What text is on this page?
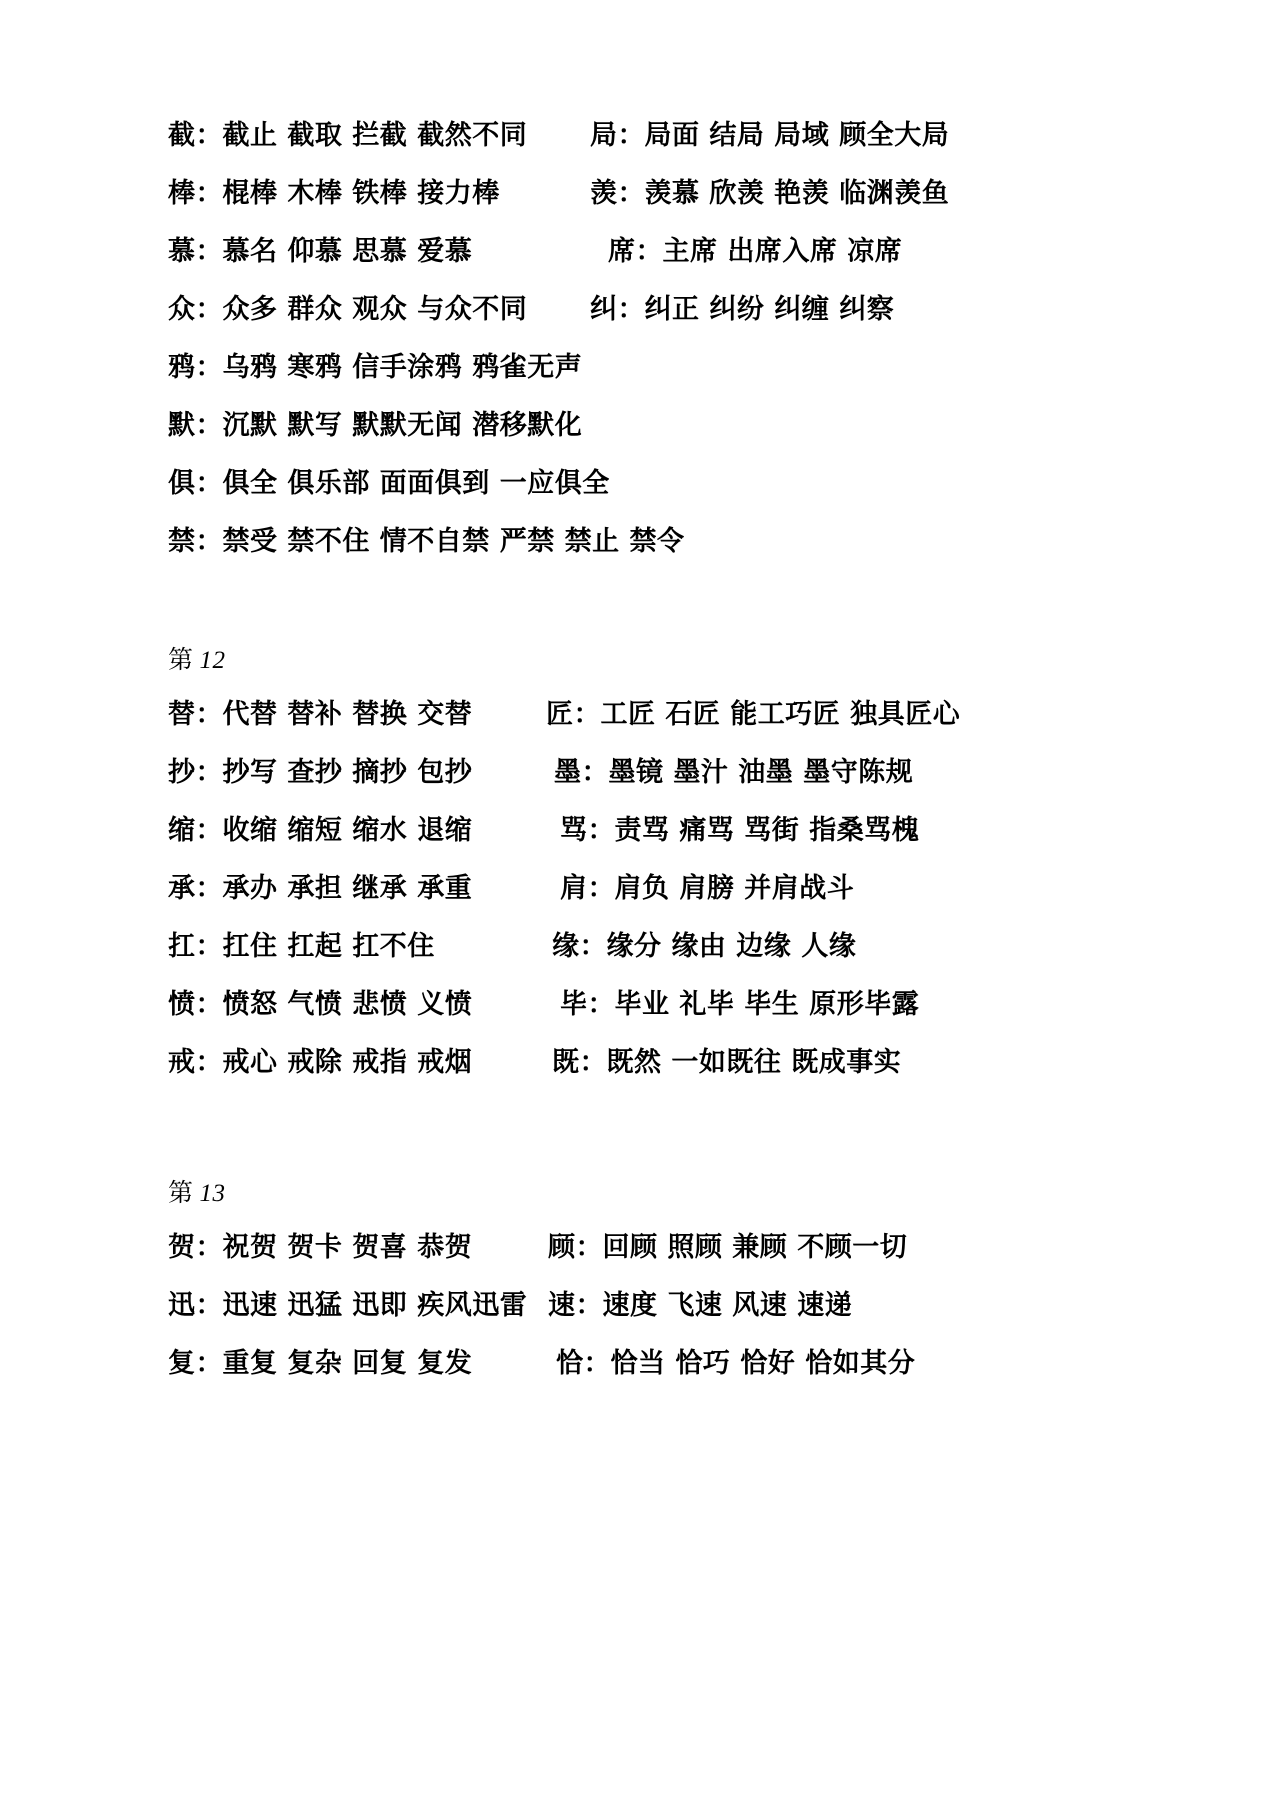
截：截止 截取 拦截 截然不同	局：局面 结局 局域 顾全大局
棒：棍棒 木棒 铁棒 接力棒	羡：羡慕 欣羡 艳羡 临渊羡鱼
慕：慕名 仰慕 思慕 爱慕	席：主席 出席入席 凉席
众：众多 群众 观众 与众不同	纠：纠正 纠纷 纠缠 纠察
鸦：乌鸦 寒鸦 信手涂鸦 鸦雀无声
默：沉默 默写 默默无闻 潜移默化
俱：俱全 俱乐部 面面俱到 一应俱全
禁：禁受 禁不住 情不自禁 严禁 禁止 禁令
第 12
替：代替 替补 替换 交替	匠：工匠 石匠 能工巧匠 独具匠心
抄：抄写 查抄 摘抄 包抄	墨：墨镜 墨汁 油墨 墨守陈规
缩：收缩 缩短 缩水 退缩	骂：责骂 痛骂 骂街 指桑骂槐
承：承办 承担 继承 承重	肩：肩负 肩膀 并肩战斗
扛：扛住 扛起 扛不住	缘：缘分 缘由 边缘 人缘
愤：愤怒 气愤 悲愤 义愤	毕：毕业 礼毕 毕生 原形毕露
戒：戒心 戒除 戒指 戒烟	既：既然 一如既往 既成事实
第 13
贺：祝贺 贺卡 贺喜 恭贺	顾：回顾 照顾 兼顾 不顾一切
迅：迅速 迅猛 迅即 疾风迅雷 速：速度 飞速 风速 速递
复：重复 复杂 回复 复发	恰：恰当 恰巧 恰好 恰如其分
